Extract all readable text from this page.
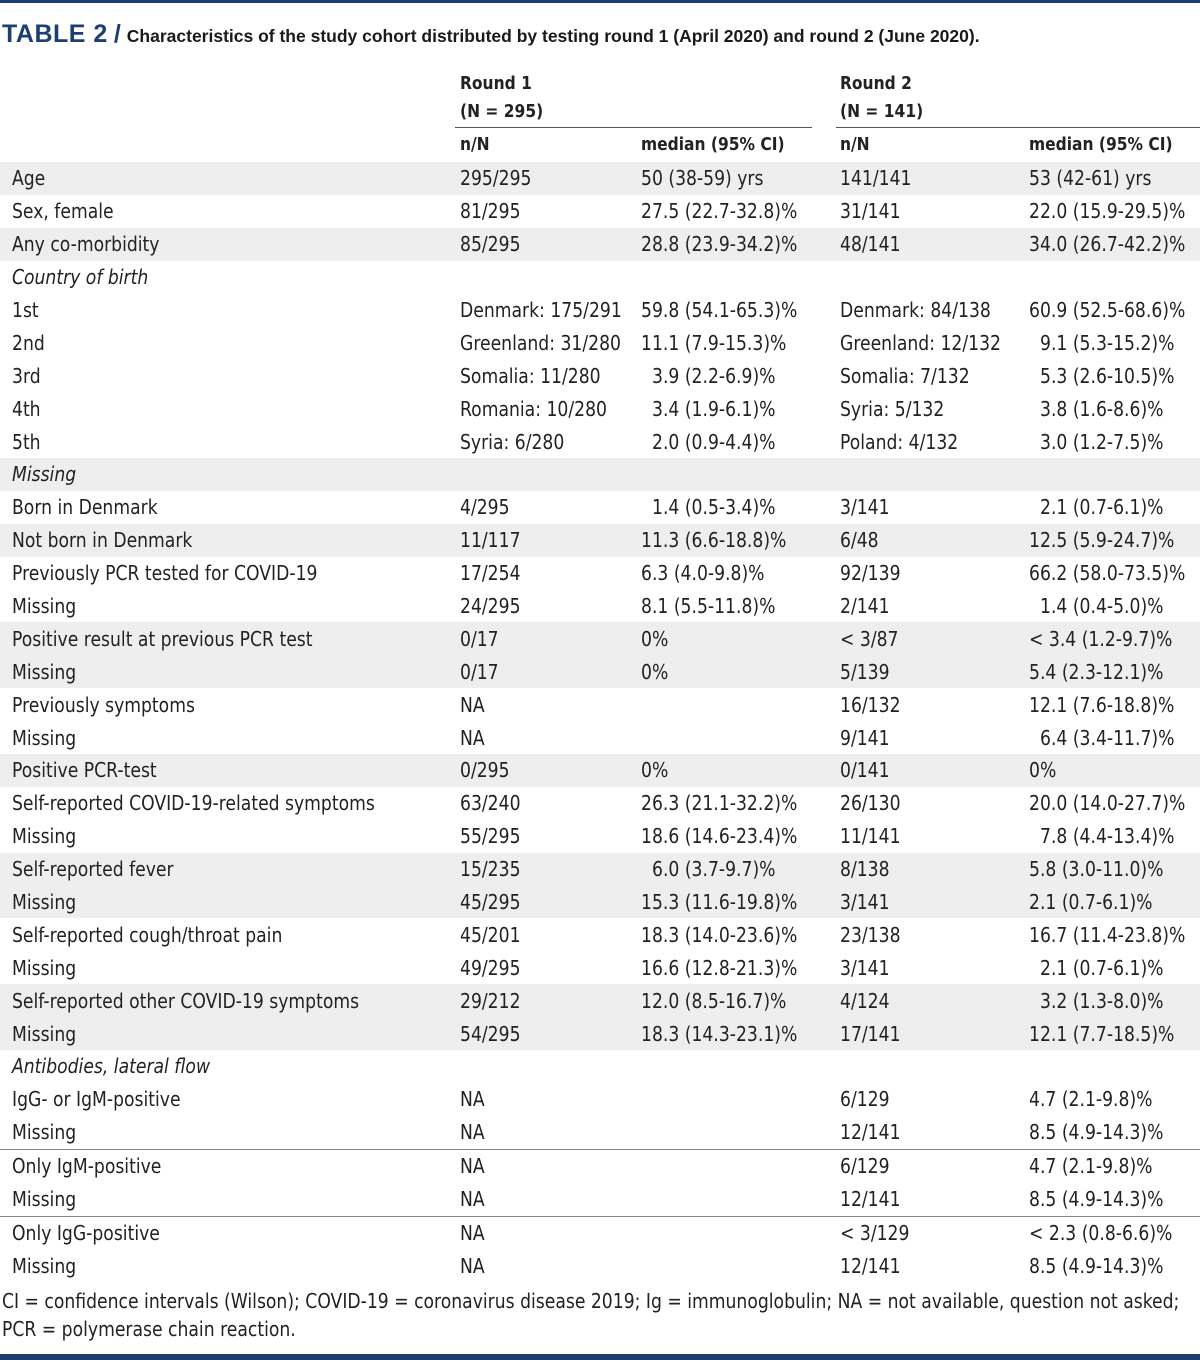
TABLE 2 / Characteristics of the study cohort distributed by testing round 1 (April 2020) and round 2 (June 2020).
Round 1
(N = 295)
Round 2
(N = 141)
n/N	median (95% CI)	n/N	median (95% CI)
Age	295/295	50 (38-59) yrs	141/141	53 (42-61) yrs
Sex, female	81/295	27.5 (22.7-32.8)%	31/141	22.0 (15.9-29.5)%
Any co-morbidity	85/295	28.8 (23.9-34.2)%	48/141	34.0 (26.7-42.2)%
Country of birth				
1st	Denmark: 175/291	59.8 (54.1-65.3)%	Denmark: 84/138	60.9 (52.5-68.6)%
2nd	Greenland: 31/280	11.1 (7.9-15.3)%	Greenland: 12/132	9.1 (5.3-15.2)%
3rd	Somalia: 11/280	3.9 (2.2-6.9)%	Somalia: 7/132	5.3 (2.6-10.5)%
4th	Romania: 10/280	3.4 (1.9-6.1)%	Syria: 5/132	3.8 (1.6-8.6)%
5th	Syria: 6/280	2.0 (0.9-4.4)%	Poland: 4/132	3.0 (1.2-7.5)%
Missing				
Born in Denmark	4/295	1.4 (0.5-3.4)%	3/141	2.1 (0.7-6.1)%
Not born in Denmark	11/117	11.3 (6.6-18.8)%	6/48	12.5 (5.9-24.7)%
Previously PCR tested for COVID-19	17/254	6.3 (4.0-9.8)%	92/139	66.2 (58.0-73.5)%
Missing	24/295	8.1 (5.5-11.8)%	2/141	1.4 (0.4-5.0)%
Positive result at previous PCR test	0/17	0%	< 3/87	< 3.4 (1.2-9.7)%
Missing	0/17	0%	5/139	5.4 (2.3-12.1)%
Previously symptoms	NA		16/132	12.1 (7.6-18.8)%
Missing	NA		9/141	6.4 (3.4-11.7)%
Positive PCR-test	0/295	0%	0/141	0%
Self-reported COVID-19-related symptoms	63/240	26.3 (21.1-32.2)%	26/130	20.0 (14.0-27.7)%
Missing	55/295	18.6 (14.6-23.4)%	11/141	7.8 (4.4-13.4)%
Self-reported fever	15/235	6.0 (3.7-9.7)%	8/138	5.8 (3.0-11.0)%
Missing	45/295	15.3 (11.6-19.8)%	3/141	2.1 (0.7-6.1)%
Self-reported cough/throat pain	45/201	18.3 (14.0-23.6)%	23/138	16.7 (11.4-23.8)%
Missing	49/295	16.6 (12.8-21.3)%	3/141	2.1 (0.7-6.1)%
Self-reported other COVID-19 symptoms	29/212	12.0 (8.5-16.7)%	4/124	3.2 (1.3-8.0)%
Missing	54/295	18.3 (14.3-23.1)%	17/141	12.1 (7.7-18.5)%
Antibodies, lateral flow				
IgG- or IgM-positive	NA		6/129	4.7 (2.1-9.8)%
Missing	NA		12/141	8.5 (4.9-14.3)%
Only IgM-positive	NA		6/129	4.7 (2.1-9.8)%
Missing	NA		12/141	8.5 (4.9-14.3)%
Only IgG-positive	NA		< 3/129	< 2.3 (0.8-6.6)%
Missing	NA		12/141	8.5 (4.9-14.3)%
CI = confidence intervals (Wilson); COVID-19 = coronavirus disease 2019; Ig = immunoglobulin; NA = not available, question not asked; PCR = polymerase chain reaction.
